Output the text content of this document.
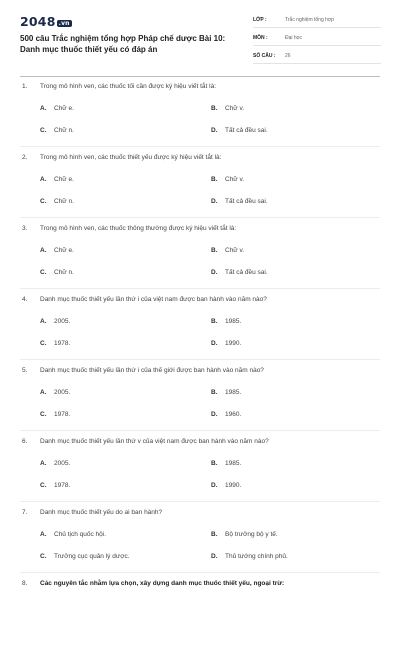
2048 .vn
500 câu Trắc nghiệm tổng hợp Pháp chế dược Bài 10:
Danh mục thuốc thiết yếu có đáp án
LỚP :	Trắc nghiệm tổng hợp
MÔN :	Đại học
SỐ CÂU :	26
1. Trong mô hình ven, các thuốc tối cần được ký hiệu viết tắt là:
A. Chữ e.	B. Chữ v.
C. Chữ n.	D. Tất cả đều sai.
2. Trong mô hình ven, các thuốc thiết yếu được ký hiệu viết tắt là:
A. Chữ e.	B. Chữ v.
C. Chữ n.	D. Tất cả đều sai.
3. Trong mô hình ven, các thuốc thông thường được ký hiệu viết tắt là:
A. Chữ e.	B. Chữ v.
C. Chữ n.	D. Tất cả đều sai.
4. Danh mục thuốc thiết yếu lần thứ i của việt nam được ban hành vào năm nào?
A. 2005.	B. 1985.
C. 1978.	D. 1990.
5. Danh mục thuốc thiết yếu lần thứ i của thế giới được ban hành vào năm nào?
A. 2005.	B. 1985.
C. 1978.	D. 1960.
6. Danh mục thuốc thiết yếu lần thứ v của việt nam được ban hành vào năm nào?
A. 2005.	B. 1985.
C. 1978.	D. 1990.
7. Danh mục thuốc thiết yếu do ai ban hành?
A. Chủ tịch quốc hội.	B. Bộ trưởng bộ y tế.
C. Trưởng cục quản lý dược.	D. Thủ tướng chính phủ.
8. Các nguyên tắc nhằm lựa chọn, xây dựng danh mục thuốc thiết yếu, ngoại trừ:
